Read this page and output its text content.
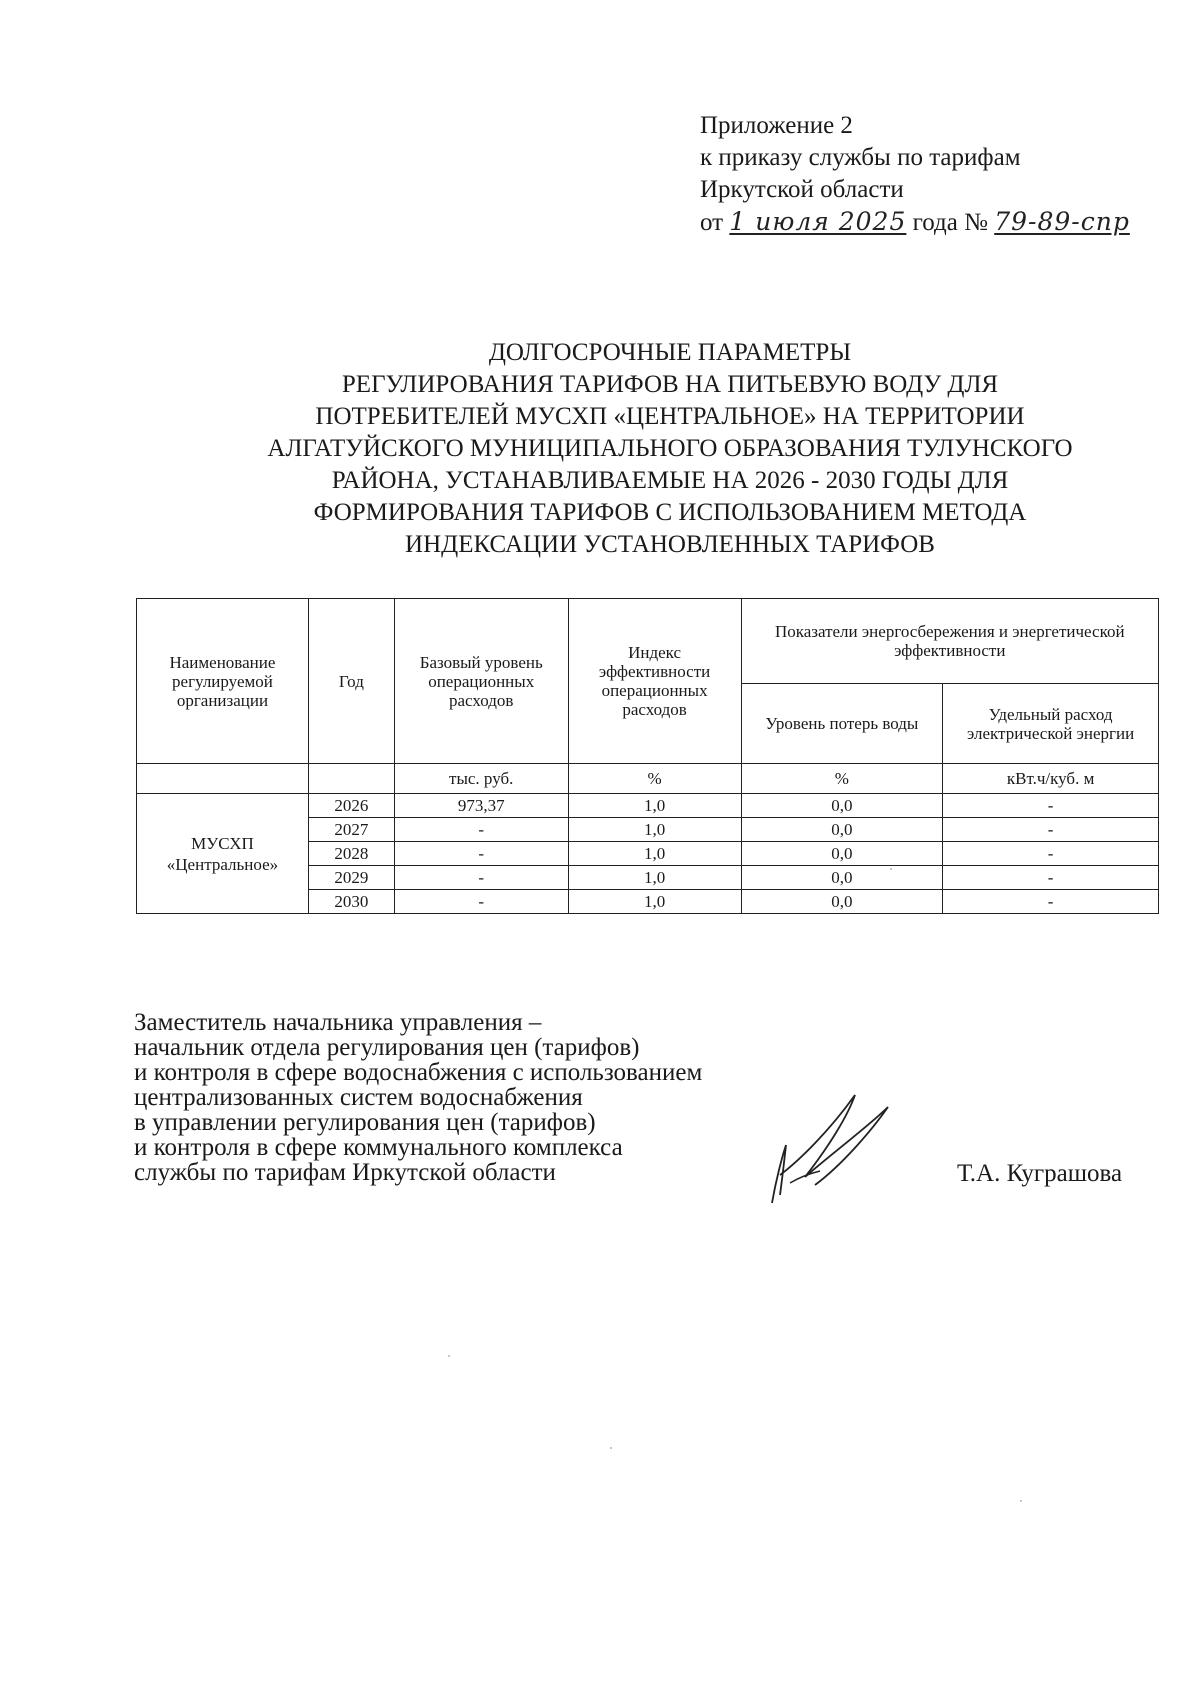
Приложение 2
к приказу службы по тарифам
Иркутской области
от 1 июля 2025 года № 79-89-спр
ДОЛГОСРОЧНЫЕ ПАРАМЕТРЫ
РЕГУЛИРОВАНИЯ ТАРИФОВ НА ПИТЬЕВУЮ ВОДУ ДЛЯ
ПОТРЕБИТЕЛЕЙ МУСХП «ЦЕНТРАЛЬНОЕ» НА ТЕРРИТОРИИ
АЛГАТУЙСКОГО МУНИЦИПАЛЬНОГО ОБРАЗОВАНИЯ ТУЛУНСКОГО
РАЙОНА, УСТАНАВЛИВАЕМЫЕ НА 2026 - 2030 ГОДЫ ДЛЯ
ФОРМИРОВАНИЯ ТАРИФОВ С ИСПОЛЬЗОВАНИЕМ МЕТОДА
ИНДЕКСАЦИИ УСТАНОВЛЕННЫХ ТАРИФОВ
Наименование регулируемой организации	Год	Базовый уровень операционных расходов	Индекс эффективности операционных расходов	Показатели энергосбережения и энергетической эффективности	
				Уровень потерь воды	Удельный расход электрической энергии
		тыс. руб.	%	%	кВт.ч/куб. м
МУСХП «Центральное»	2026	973,37	1,0	0,0	-
	2027	-	1,0	0,0	-
	2028	-	1,0	0,0	-
	2029	-	1,0	0,0	-
	2030	-	1,0	0,0	-
Заместитель начальника управления –
начальник отдела регулирования цен (тарифов)
и контроля в сфере водоснабжения с использованием
централизованных систем водоснабжения
в управлении регулирования цен (тарифов)
и контроля в сфере коммунального комплекса
службы по тарифам Иркутской области	Т.А. Куграшова
